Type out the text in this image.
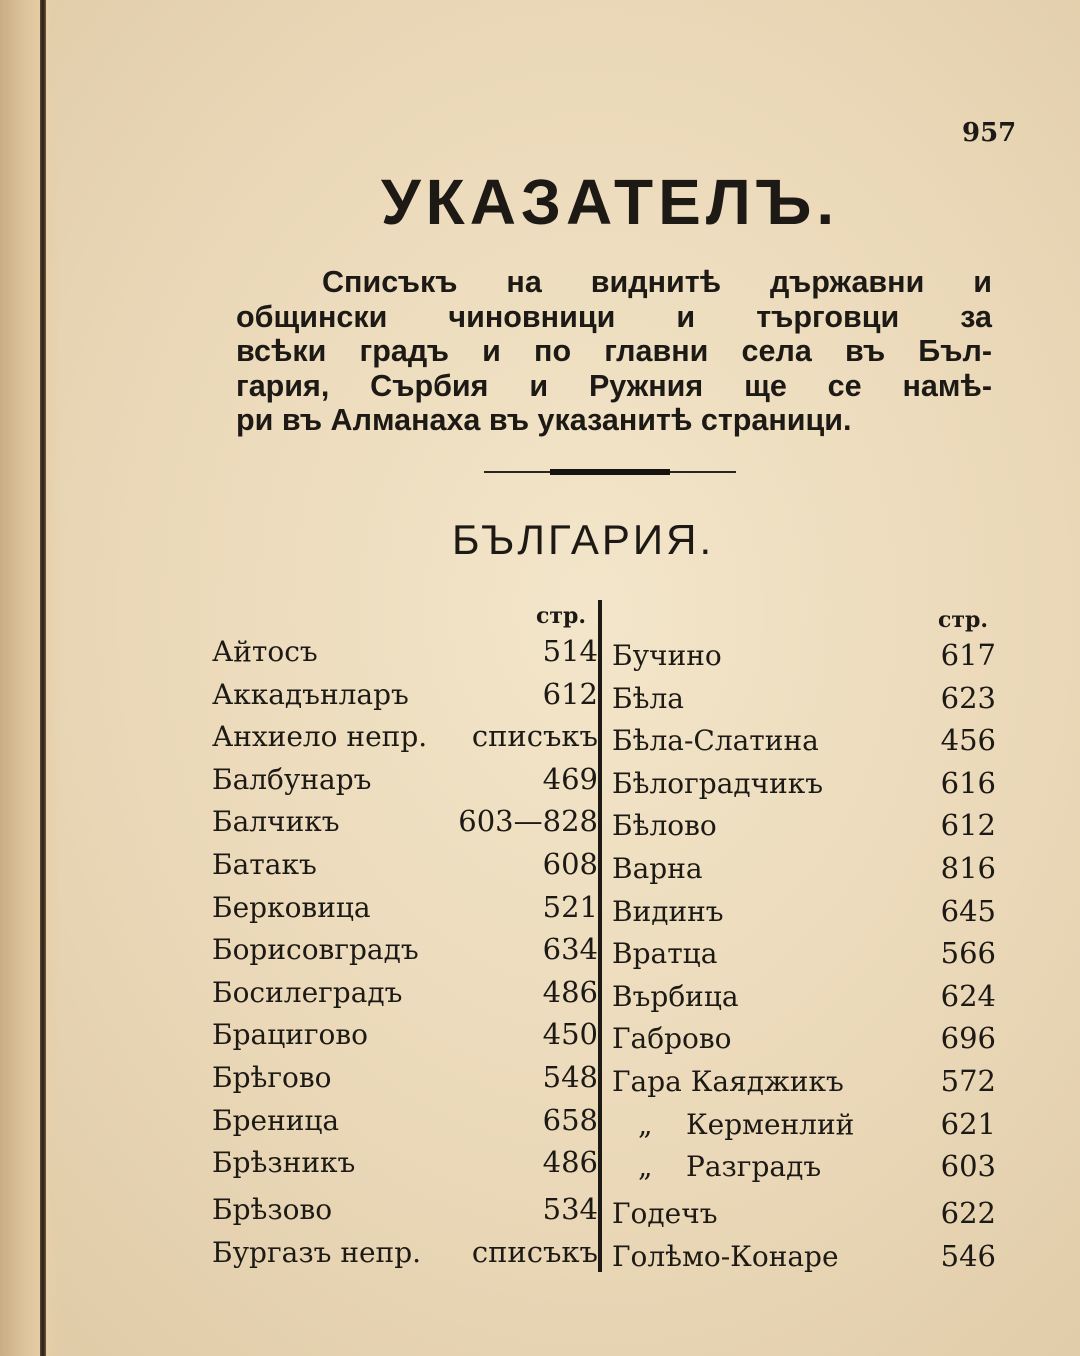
957
УКАЗАТЕЛЪ.
Списъкъ на виднитѣ държавни и
общински чиновници и търговци за
всѣки градъ и по главни села въ Бъл-
гария, Сърбия и Ружния ще се намѣ-
ри въ Алманаха въ указанитѣ страници.
БЪЛГАРИЯ.
стр.	стр.
Айтосъ	514
Аккадънларъ	612
Анхиело непр. списъкъ
Балбунаръ	469
Балчикъ	603—828
Батакъ	608
Берковица	521
Борисовградъ	634
Босилеградъ	486
Брацигово	450
Брѣгово	548
Бреница	658
Брѣзникъ	486
Брѣзово	534
Бургазъ непр. списъкъ
Бучино	617
Бѣла	623
Бѣла-Слатина	456
Бѣлоградчикъ	616
Бѣлово	612
Варна	816
Видинъ	645
Вратца	566
Върбица	624
Габрово	696
Гара Каяджикъ	572
„ Керменлий	621
„ Разградъ	603
Годечъ	622
Голѣмо-Конаре	546
